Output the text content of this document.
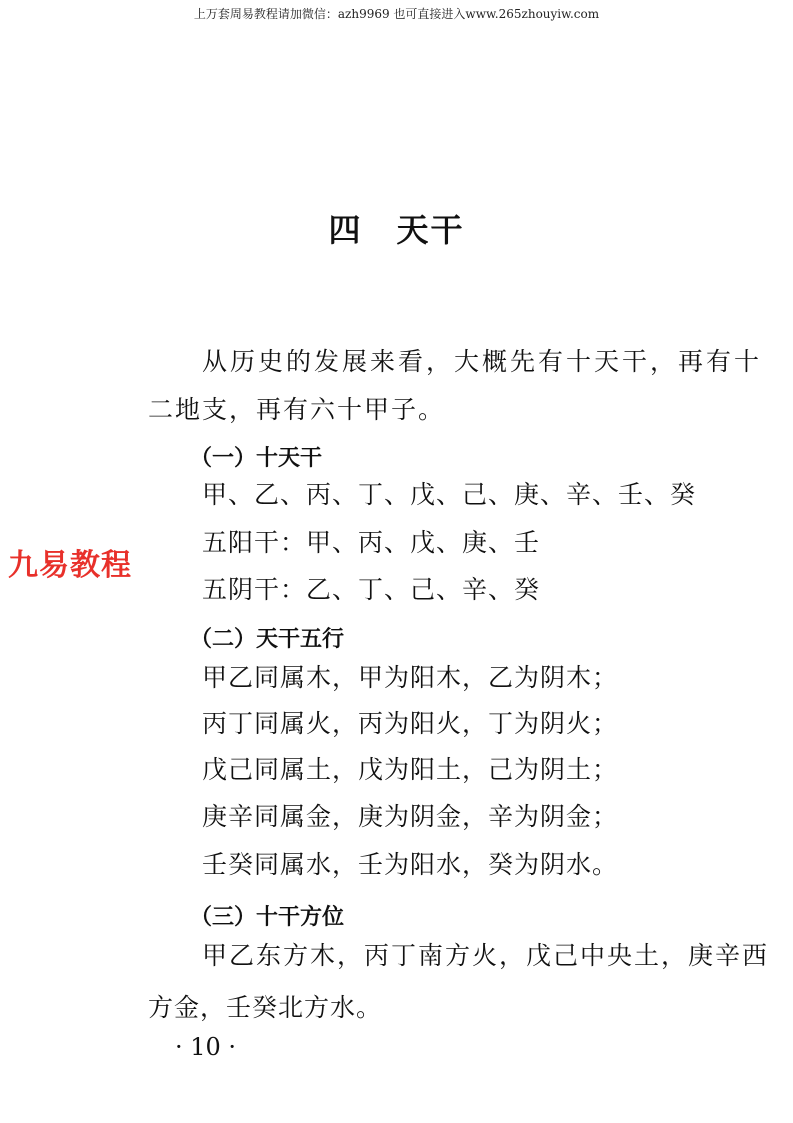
上万套周易教程请加微信：azh9969 也可直接进入www.265zhouyiw.com
四 天干
从历史的发展来看，大概先有十天干，再有十
二地支，再有六十甲子。
（一）十天干
甲、乙、丙、丁、戊、己、庚、辛、壬、癸
五阳干：甲、丙、戊、庚、壬
五阴干：乙、丁、己、辛、癸
九易教程
（二）天干五行
甲乙同属木，甲为阳木，乙为阴木；
丙丁同属火，丙为阳火，丁为阴火；
戊己同属土，戊为阳土，己为阴土；
庚辛同属金，庚为阴金，辛为阴金；
壬癸同属水，壬为阳水，癸为阴水。
（三）十干方位
甲乙东方木，丙丁南方火，戊己中央土，庚辛西
方金，壬癸北方水。
· 10 ·
